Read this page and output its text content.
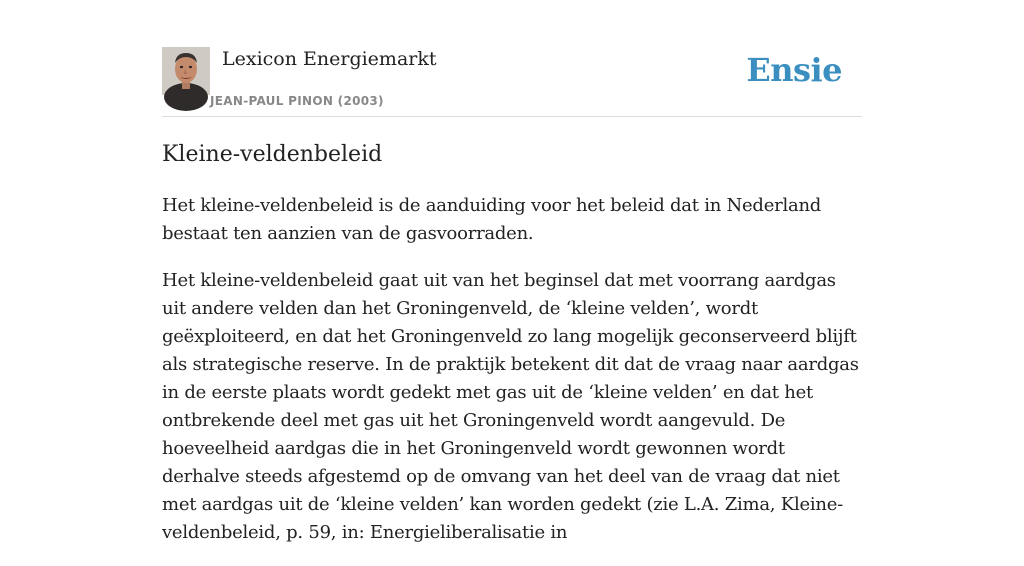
Lexicon Energiemarkt
JEAN-PAUL PINON (2003)
Ensie
Kleine-veldenbeleid

Het kleine-veldenbeleid is de aanduiding voor het beleid dat in Nederland bestaat ten aanzien van de gasvoorraden.

Het kleine-veldenbeleid gaat uit van het beginsel dat met voorrang aardgas uit andere velden dan het Groningenveld, de ‘kleine velden’, wordt geëxploiteerd, en dat het Groningenveld zo lang mogelijk geconserveerd blijft als strategische reserve. In de praktijk betekent dit dat de vraag naar aardgas in de eerste plaats wordt gedekt met gas uit de ‘kleine velden’ en dat het ontbrekende deel met gas uit het Groningenveld wordt aangevuld. De hoeveelheid aardgas die in het Groningenveld wordt gewonnen wordt derhalve steeds afgestemd op de omvang van het deel van de vraag dat niet met aardgas uit de ‘kleine velden’ kan worden gedekt (zie L.A. Zima, Kleine-veldenbeleid, p. 59, in: Energieliberalisatie in
